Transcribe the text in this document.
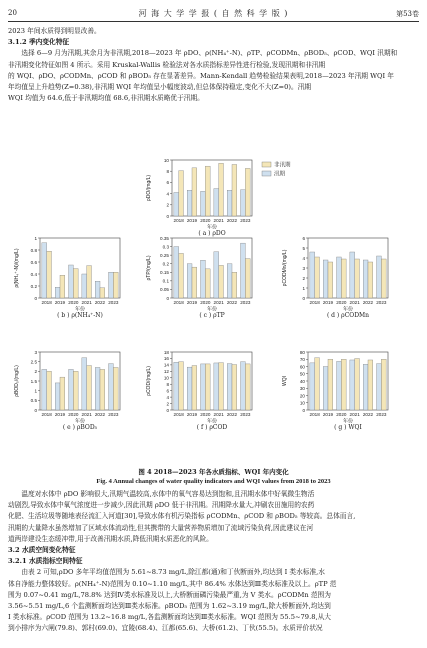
20	河 海 大 学 学 报 ( 自 然 科 学 版 )	第53卷
2023 年间水质得到明显改善。
3.1.2 季内变化特征
　　选择 6—9 月为汛期,其余月为非汛期,2018—2023 年 ρDO、ρ(NH₄⁺-N)、ρTP、ρCODMn、ρBOD₅、ρCOD、WQI 汛期和
非汛期变化特征如图 4 所示。采用 Kruskal-Wallis 检验法对各水质指标差异性进行检验,发现汛期和非汛期
的 WQI、ρDO、ρCODMn、ρCOD 和 ρBOD₅ 存在显著差异。Mann-Kendall 趋势检验结果表明,2018—2023 年汛期 WQI 年
年均值呈上升趋势(Z=0.38),非汛期 WQI 年均值呈小幅度波动,但总体保持稳定,变化不大(Z=0)。汛期
WQI 均值为 64.6,低于非汛期均值 68.6,非汛期水质略优于汛期。
0
2
4
6
8
10
ρDO/(mg/L)
2018 2019 2020 2021 2022 2023
年份
非汛期
汛期
0
0.2
0.4
0.6
0.8
1
ρ(NH₄⁺-N)/(mg/L)
2018 2019 2020 2021 2022 2023
年份
0
0.05
0.1
0.15
0.2
0.25
0.3
0.35
ρTP/(mg/L)
2018 2019 2020 2021 2022 2023
年份
0
1
2
3
4
5
6
ρCODMn/(mg/L)
2018 2019 2020 2021 2022 2023
年份
0
0.5
1
1.5
2
2.5
3
ρBOD₅/(mg/L)
2018 2019 2020 2021 2022 2023
年份
0
2
4
6
8
10
12
14
16
18
ρCOD/(mg/L)
2018 2019 2020 2021 2022 2023
年份
0
10
20
30
40
50
60
70
80
WQI
2018 2019 2020 2021 2022 2023
年份
( a ) ρDO
( b ) ρ(NH₄⁺-N)	( c ) ρTP	( d ) ρCODMn
( e ) ρBOD₅	( f ) ρCOD	( g ) WQI
图 4 2018—2023 年各水质指标、WQI 年内变化
Fig. 4 Annual changes of water quality indicators and WQI values from 2018 to 2023
　　温度对水体中 ρDO 影响很大,汛期气温较高,水体中的氧气容易达到饱和,且汛期水体中好氧微生物活
动剧烈,导致水体中氧气浓度进一步减少,因此汛期 ρDO 低于非汛期。汛期降水量大,冲刷农田施用的农药
化肥、生活垃圾等随地表径流汇入河道[30],导致水体有机污染指标 ρCODMn、ρCOD 和 ρBOD₅ 等较高。总体而言,
汛期的大量降水虽然增加了区域水体流动性,但其携带的大量营养物质增加了流域污染负荷,因此建议在河
道两岸建设生态缓冲带,用于改善汛期水质,降低汛期水质恶化的风险。
3.2 水质空间变化特征
3.2.1 水质指标空间特征
　　由表 2 可知,ρDO 多年平均值范围为 5.61~8.73 mg/L,除江都(通)和丁伙断面外,均达到 I 类水标准,水
体自净能力整体较好。ρ(NH₄⁺-N)范围为 0.10~1.10 mg/L,其中 86.4% 水体达到Ⅲ类水标准及以上。ρTP 范
围为 0.07~0.41 mg/L,78.8% 达到Ⅳ类水标准及以上,大桥断面磷污染最严重,为 V 类水。ρCODMn 范围为
3.56~5.51 mg/L,6 个监测断面均达到Ⅲ类水标准。ρBOD₅ 范围为 1.62~3.19 mg/L,除大桥断面外,均达到
I 类水标准。ρCOD 范围为 13.2~16.8 mg/L,各监测断面均达到Ⅲ类水标准。WQI 范围为 55.5~79.8,从大
到小排序为六闸(79.8)、郭村(69.0)、宜陵(68.4)、江都(65.6)、大桥(61.2)、丁伙(55.5)。水质评价状况
